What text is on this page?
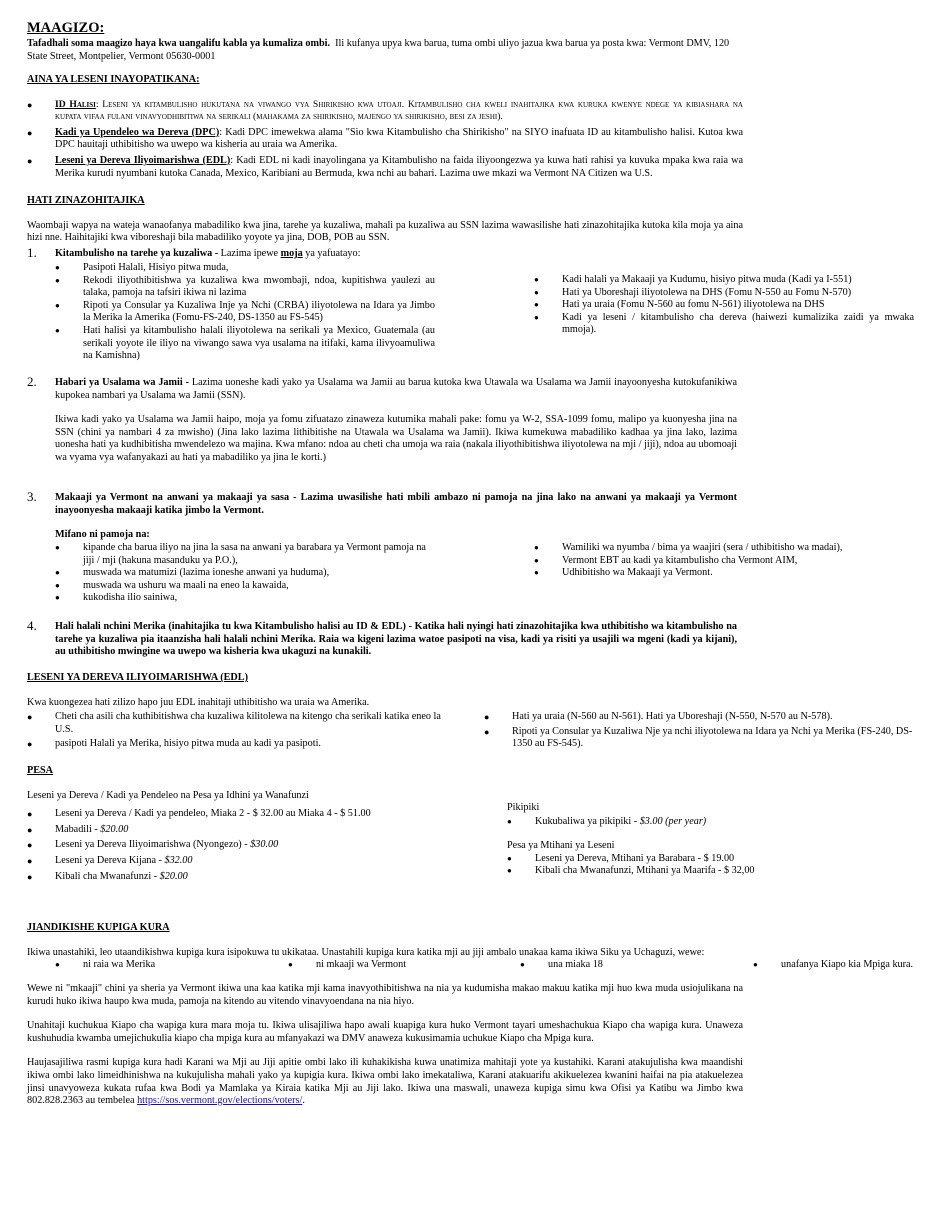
MAAGIZO:

Tafadhali soma maagizo haya kwa uangalifu kabla ya kumaliza ombi. Ili kufanya upya kwa barua, tuma ombi uliyo jazua kwa barua ya posta kwa: Vermont DMV, 120 State Street, Montpelier, Vermont 05630-0001

AINA YA LESENI INAYOPATIKANA:
● ID Halisi: Leseni ya kitambulisho hukutana na viwango vya Shirikisho kwa utoaji. Kitambulisho cha kweli inahitajika kwa kuruka kwenye ndege ya kibiashara na kupata vifaa fulani vinavyodhibitiwa na serikali (mahakama za shirikisho, majengo ya shirikisho, besi za jeshi).
● Kadi ya Upendeleo wa Dereva (DPC): Kadi DPC imewekwa alama "Sio kwa Kitambulisho cha Shirikisho" na SIYO inafuata ID au kitambulisho halisi. Kutoa kwa DPC hauitaji uthibitisho wa uwepo wa kisheria au uraia wa Amerika.
● Leseni ya Dereva Iliyoimarishwa (EDL): Kadi EDL ni kadi inayolingana ya Kitambulisho na faida iliyoongezwa ya kuwa hati rahisi ya kuvuka mpaka kwa raia wa Merika kurudi nyumbani kutoka Canada, Mexico, Karibiani au Bermuda, kwa nchi au bahari. Lazima uwe mkazi wa Vermont NA Citizen wa U.S.
HATI ZINAZOHITAJIKA

Waombaji wapya na wateja wanaofanya mabadiliko kwa jina, tarehe ya kuzaliwa, mahali pa kuzaliwa au SSN lazima wawasilishe hati zinazohitajika kutoka kila moja ya aina hizi nne. Haihitajiki kwa viboreshaji bila mabadiliko yoyote ya jina, DOB, POB au SSN.

1.	Kitambulisho na tarehe ya kuzaliwa - Lazima ipewe moja ya yafuatayo:
● Pasipoti Halali, Hisiyo pitwa muda,
● Rekodi iliyothibitishwa ya kuzaliwa kwa mwombaji, ndoa, kupitishwa yaulezi au talaka, pamoja na tafsiri ikiwa ni lazima
● Ripoti ya Consular ya Kuzaliwa Inje ya Nchi (CRBA) iliyotolewa na Idara ya Jimbo la Merika la Amerika (Fomu-FS-240, DS-1350 au FS-545)
● Hati halisi ya kitambulisho halali iliyotolewa na serikali ya Mexico, Guatemala (au serikali yoyote ile iliyo na viwango sawa vya usalama na itifaki, kama ilivyoamuliwa na Kamishna)
● Kadi halali ya Makaaji ya Kudumu, hisiyo pitwa muda (Kadi ya I-551)
● Hati ya Uboreshaji iliyotolewa na DHS (Fomu N-550 au Fomu N-570)
● Hati ya uraia (Fomu N-560 au fomu N-561) iliyotolewa na DHS
● Kadi ya leseni / kitambulisho cha dereva (haiwezi kumalizika zaidi ya mwaka mmoja).
2.	Habari ya Usalama wa Jamii - Lazima uoneshe kadi yako ya Usalama wa Jamii au barua kutoka kwa Utawala wa Usalama wa Jamii inayoonyesha kutokufanikiwa kupokea nambari ya Usalama wa Jamii (SSN).

Ikiwa kadi yako ya Usalama wa Jamii haipo, moja ya fomu zifuatazo zinaweza kutumika mahali pake: fomu ya W-2, SSA-1099 fomu, malipo ya kuonyesha jina na SSN (chini ya nambari 4 za mwisho) (Jina lako lazima lithibitishe na Utawala wa Usalama wa Jamii). Ikiwa kumekuwa mabadiliko kadhaa ya jina lako, lazima uonesha hati ya kudhibitisha mwendelezo wa majina. Kwa mfano: ndoa au cheti cha umoja wa raia (nakala iliyothibitishwa iliyotolewa na mji / jiji), ndoa au ubomoaji wa vyama vya wafanyakazi au hati ya mabadiliko ya jina le korti.)

3.	Makaaji ya Vermont na anwani ya makaaji ya sasa - Lazima uwasilishe hati mbili ambazo ni pamoja na jina lako na anwani ya makaaji ya Vermont inayoonyesha makaaji katika jimbo la Vermont.
Mifano ni pamoja na:
● kipande cha barua iliyo na jina la sasa na anwani ya barabara ya Vermont pamoja na jiji / mji (hakuna masanduku ya P.O.),
● muswada wa matumizi (lazima ioneshe anwani ya huduma),
● muswada wa ushuru wa maali na eneo la kawaida,
● kukodisha ilio sainiwa,
● Wamiliki wa nyumba / bima ya waajiri (sera / uthibitisho wa madai),
● Vermont EBT au kadi ya kitambulisho cha Vermont AIM,
● Udhibitisho wa Makaaji ya Vermont.
4.	Hali halali nchini Merika (inahitajika tu kwa Kitambulisho halisi au ID & EDL) - Katika hali nyingi hati zinazohitajika kwa uthibitisho wa kitambulisho na tarehe ya kuzaliwa pia itaanzisha hali halali nchini Merika. Raia wa kigeni lazima watoe pasipoti na visa, kadi ya risiti ya usajili wa mgeni (kadi ya kijani), au uthibitisho mwingine wa uwepo wa kisheria kwa ukaguzi na kunakili.
LESENI YA DEREVA ILIYOIMARISHWA (EDL)

Kwa kuongezea hati zilizo hapo juu EDL inahitaji uthibitisho wa uraia wa Amerika.

● Cheti cha asili cha kuthibitishwa cha kuzaliwa kilitolewa na kitengo cha serikali katika eneo la U.S.
● pasipoti Halali ya Merika, hisiyo pitwa muda au kadi ya pasipoti.
● Hati ya uraia (N-560 au N-561). Hati ya Uboreshaji (N-550, N-570 au N-578).
● Ripoti ya Consular ya Kuzaliwa Nje ya nchi iliyotolewa na Idara ya Nchi ya Merika (FS-240, DS-1350 au FS-545).
PESA

Leseni ya Dereva / Kadi ya Pendeleo na Pesa ya Idhini ya Wanafunzi

● Leseni ya Dereva / Kadi ya pendeleo, Miaka 2 - $ 32.00 au Miaka 4 - $ 51.00
● Mabadili - $20.00
● Leseni ya Dereva Iliyoimarishwa (Nyongezo) - $30.00
● Leseni ya Dereva Kijana - $32.00
● Kibali cha Mwanafunzi - $20.00
Pikipiki
● Kukubaliwa ya pikipiki - $3.00 (per year)
Pesa ya Mtihani ya Leseni
● Leseni ya Dereva, Mtihani ya Barabara - $ 19.00
● Kibali cha Mwanafunzi, Mtihani ya Maarifa - $ 32,00
JIANDIKISHE KUPIGA KURA

Ikiwa unastahiki, leo utaandikishwa kupiga kura isipokuwa tu ukikataa. Unastahili kupiga kura katika mji au jiji ambalo unakaa kama ikiwa Siku ya Uchaguzi, wewe:

● ni raia wa Merika	● ni mkaaji wa Vermont	● una miaka 18	● unafanya Kiapo kia Mpiga kura.

Wewe ni "mkaaji" chini ya sheria ya Vermont ikiwa una kaa katika mji kama inavyothibitishwa na nia ya kudumisha makao makuu katika mji huo kwa muda usiojulikana na kurudi huko ikiwa haupo kwa muda, pamoja na kitendo au vitendo vinavyoendana na nia hiyo.

Unahitaji kuchukua Kiapo cha wapiga kura mara moja tu. Ikiwa ulisajiliwa hapo awali kuapiga kura huko Vermont tayari umeshachukua Kiapo cha wapiga kura. Unaweza kushuhudia kwamba umejichukulia kiapo cha mpiga kura au mfanyakazi wa DMV anaweza kukusimamia uchukue Kiapo cha Mpiga kura.

Haujasajiliwa rasmi kupiga kura hadi Karani wa Mji au Jiji apitie ombi lako ili kuhakikisha kuwa unatimiza mahitaji yote ya kustahiki. Karani atakujulisha kwa maandishi ikiwa ombi lako limeidhinishwa na kukujulisha mahali yako ya kupigia kura. Ikiwa ombi lako imekataliwa, Karani atakuarifu akikuelezea kwanini haifai na pia atakuelezea jinsi unavyoweza kukata rufaa kwa Bodi ya Mamlaka ya Kiraia katika Mji au Jiji lako. Ikiwa una maswali, unaweza kupiga simu kwa Ofisi ya Katibu wa Jimbo kwa 802.828.2363 au tembelea https://sos.vermont.gov/elections/voters/.
